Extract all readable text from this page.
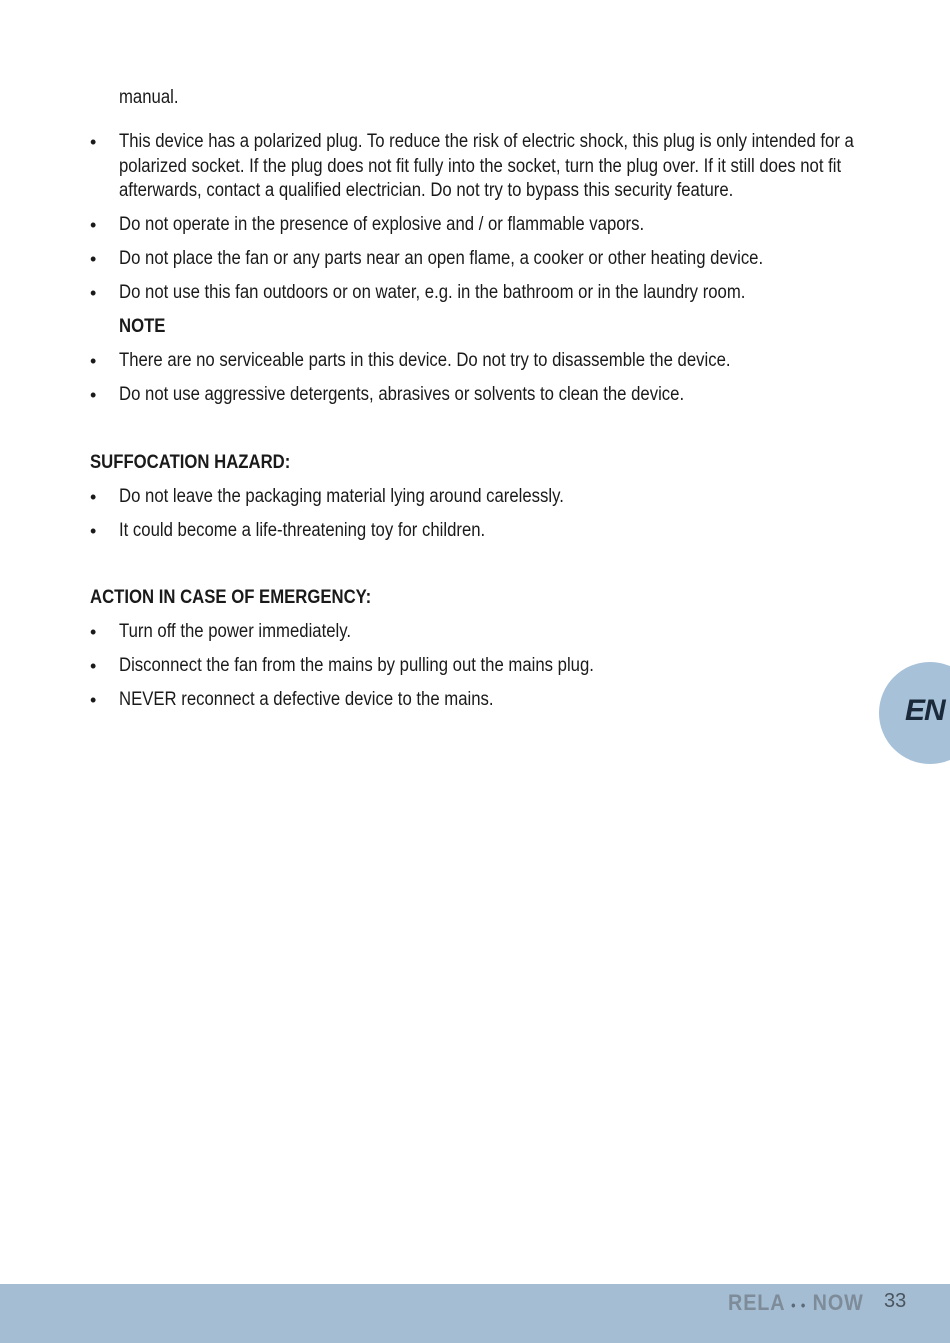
manual.
• This device has a polarized plug. To reduce the risk of electric shock, this plug is only intended for a polarized socket. If the plug does not fit fully into the socket, turn the plug over. If it still does not fit afterwards, contact a qualified electrician. Do not try to bypass this security feature.
• Do not operate in the presence of explosive and / or flammable vapors.
• Do not place the fan or any parts near an open flame, a cooker or other heating device.
• Do not use this fan outdoors or on water, e.g. in the bathroom or in the laundry room.
NOTE
• There are no serviceable parts in this device. Do not try to disassemble the device.
• Do not use aggressive detergents, abrasives or solvents to clean the device.
SUFFOCATION HAZARD:
• Do not leave the packaging material lying around carelessly.
• It could become a life-threatening toy for children.
ACTION IN CASE OF EMERGENCY:
• Turn off the power immediately.
• Disconnect the fan from the mains by pulling out the mains plug.
• NEVER reconnect a defective device to the mains.	EN
RELA • • NOW 33
